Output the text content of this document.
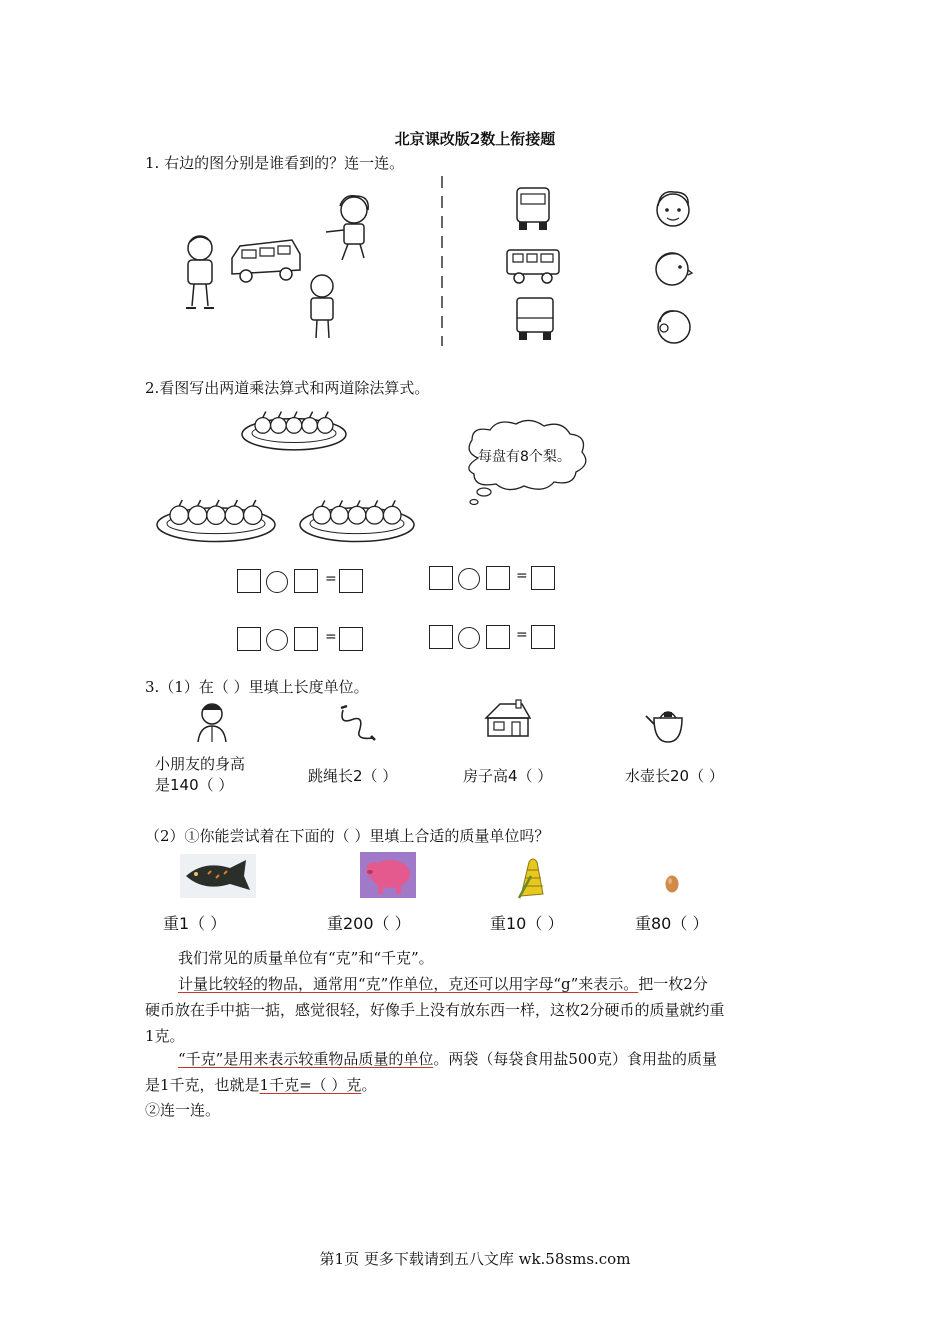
北京课改版2数上衔接题
1. 右边的图分别是谁看到的？连一连。
2.看图写出两道乘法算式和两道除法算式。
每盘有8个梨。
=	=
=	=
3.（1）在（ ）里填上长度单位。
小朋友的身高
是140（ ）	跳绳长2（ ）	房子高4（ ）	水壶长20（ ）
（2）①你能尝试着在下面的（ ）里填上合适的质量单位吗？
重1（ ）	重200（ ）	重10（ ）	重80（ ）
我们常见的质量单位有“克”和“千克”。
计量比较轻的物品，通常用“克”作单位，克还可以用字母“g”来表示。把一枚2分
硬币放在手中掂一掂，感觉很轻，好像手上没有放东西一样，这枚2分硬币的质量就约重
1克。
“千克”是用来表示较重物品质量的单位。两袋（每袋食用盐500克）食用盐的质量
是1千克，也就是1千克=（ ）克。
②连一连。
第1页 更多下载请到五八文库 wk.58sms.com
